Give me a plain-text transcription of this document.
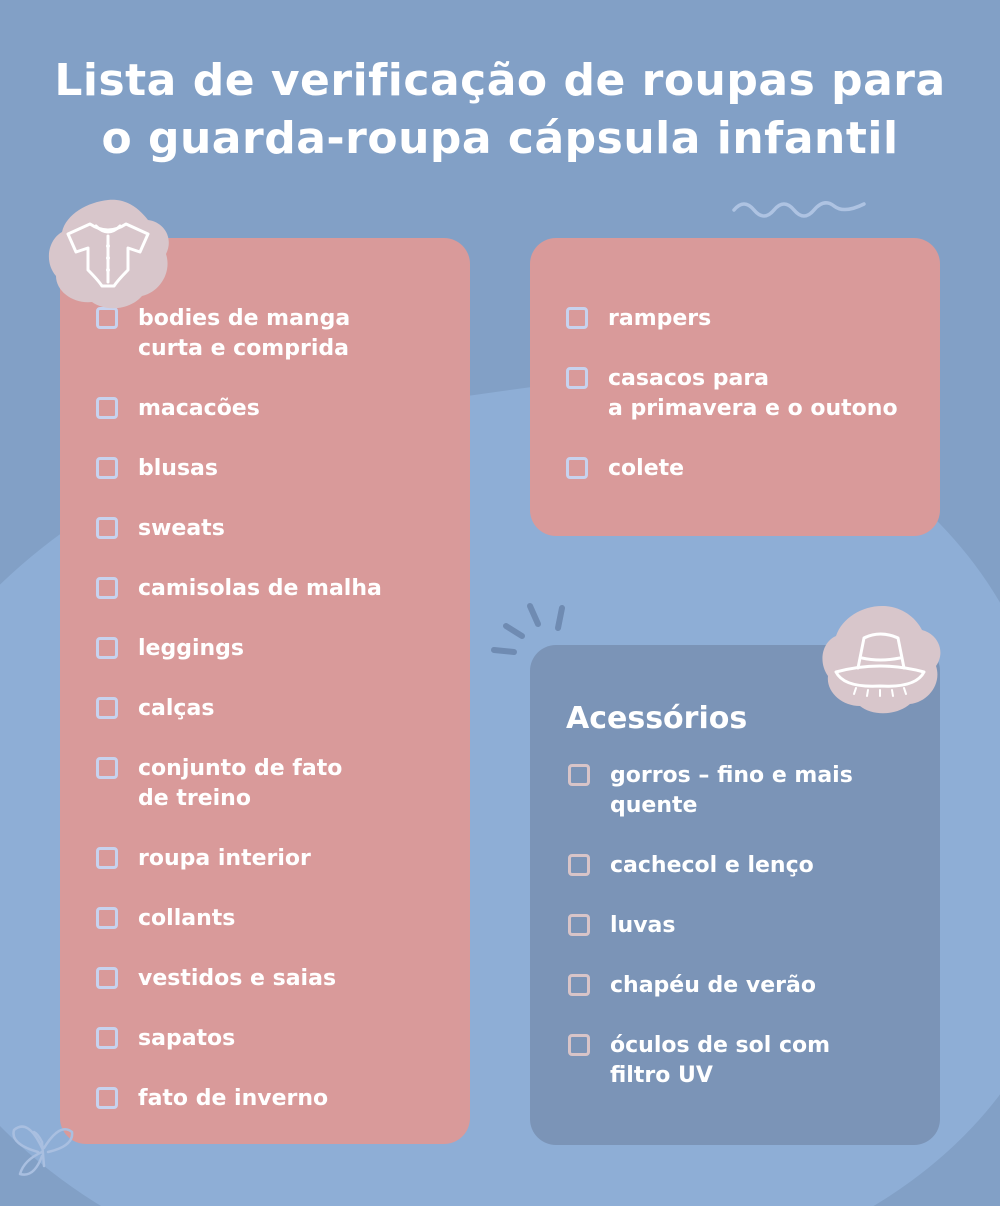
Lista de verificação de roupas para o guarda-roupa cápsula infantil
bodies de manga
curta e comprida
macacões
blusas
sweats
camisolas de malha
leggings
calças
conjunto de fato
de treino
roupa interior
collants
vestidos e saias
sapatos
fato de inverno
rampers
casacos para
a primavera e o outono
colete
Acessórios
gorros – fino e mais
quente
cachecol e lenço
luvas
chapéu de verão
óculos de sol com
filtro UV
